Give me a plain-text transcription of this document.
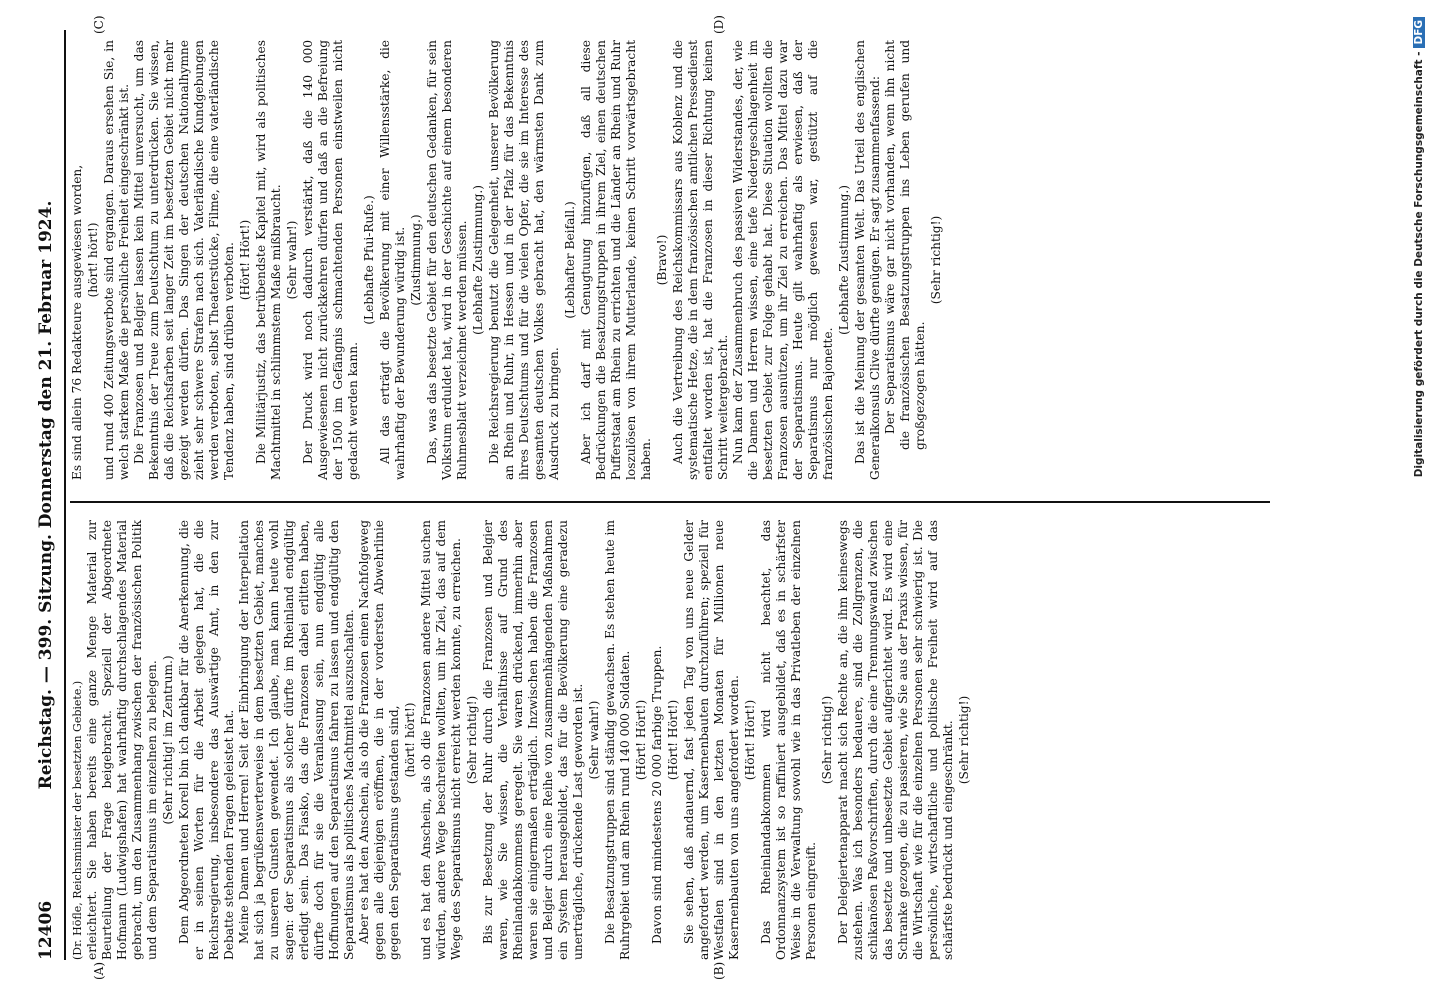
12406
Reichstag. — 399. Sitzung. Donnerstag den 21. Februar 1924.
(A)	(B)
(C)	(D)

(Dr. Höfle, Reichsminister der besetzten Gebiete.) erleichtert. Sie haben bereits eine ganze Menge Material zur Beurteilung der Frage beigebracht. Speziell der Abgeordnete Hofmann (Ludwigshafen) hat wahrhaftig durchschlagendes Material gebracht, um den Zusammenhang zwischen der französischen Politik und dem Separatismus im einzelnen zu belegen. (Sehr richtig! im Zentrum.) Dem Abgeordneten Korell bin ich dankbar für die Anerkennung, die er in seinen Worten für die Arbeit gelegen hat, die die Reichsregierung, insbesondere das Auswärtige Amt, in den zur Debatte stehenden Fragen geleistet hat. Meine Damen und Herren! Seit der Einbringung der Interpellation hat sich ja begrüßenswerterweise in dem besetzten Gebiet, manches zu unseren Gunsten gewendet. Ich glaube, man kann heute wohl sagen: der Separatismus als solcher dürfte im Rheinland endgültig erledigt sein. Das Fiasko, das die Franzosen dabei erlitten haben, dürfte doch für sie die Veranlassung sein, nun endgültig alle Hoffnungen auf den Separatismus fahren zu lassen und endgültig den Separatismus als politisches Machtmittel auszuschalten. Aber es hat den Anschein, als ob die Franzosen einen Nachfolgeweg gegen alle diejenigen eröffnen, die in der vordersten Abwehrlinie gegen den Separatismus gestanden sind, (hört! hört!) und es hat den Anschein, als ob die Franzosen andere Mittel suchen würden, andere Wege beschreiten wollten, um ihr Ziel, das auf dem Wege des Separatismus nicht erreicht werden konnte, zu erreichen. (Sehr richtig!) Bis zur Besetzung der Ruhr durch die Franzosen und Belgier waren, wie Sie wissen, die Verhältnisse auf Grund des Rheinlandabkommens geregelt. Sie waren drückend, immerhin aber waren sie einigermaßen erträglich. Inzwischen haben die Franzosen und Belgier durch eine Reihe von zusammenhängenden Maßnahmen ein System herausgebildet, das für die Bevölkerung eine geradezu unerträgliche, drückende Last geworden ist. (Sehr wahr!) Die Besatzungstruppen sind ständig gewachsen. Es stehen heute im Ruhrgebiet und am Rhein rund 140 000 Soldaten. (Hört! Hört!) Davon sind mindestens 20 000 farbige Truppen. (Hört! Hört!) Sie sehen, daß andauernd, fast jeden Tag von uns neue Gelder angefordert werden, um Kasernenbauten durchzuführen; speziell für Westfalen sind in den letzten Monaten für Millionen neue Kasernenbauten von uns angefordert worden. (Hört! Hört!) Das Rheinlandabkommen wird nicht beachtet, das Ordonnanzsystem ist so raffiniert ausgebildet, daß es in schärfster Weise in die Verwaltung sowohl wie in das Privatleben der einzelnen Personen eingreift.

(Sehr richtig!) Der Delegiertenapparat macht sich Rechte an, die ihm keineswegs zustehen. Was ich besonders bedauere, sind die Zollgrenzen, die schikanösen Paßvorschriften, durch die eine Trennungswand zwischen das besetzte und unbesetzte Gebiet aufgerichtet wird. Es wird eine Schranke gezogen, die zu passieren, wie Sie aus der Praxis wissen, für die Wirtschaft wie für die einzelnen Personen sehr schwierig ist. Die persönliche, wirtschaftliche und politische Freiheit wird auf das schärfste bedrückt und eingeschränkt. (Sehr richtig!)

Es sind allein 76 Redakteure ausgewiesen worden, (hört! hört!) und rund 400 Zeitungsverbote sind ergangen. Daraus ersehen Sie, in welch starkem Maße die persönliche Freiheit eingeschränkt ist. Die Franzosen und Belgier lassen kein Mittel unversucht, um das Bekenntnis der Treue zum Deutschtum zu unterdrücken. Sie wissen, daß die Reichsfarben seit langer Zeit im besetzten Gebiet nicht mehr gezeigt werden dürfen. Das Singen der deutschen Nationalhymne zieht sehr schwere Strafen nach sich. Vaterländische Kundgebungen werden verboten, selbst Theaterstücke, Filme, die eine vaterländische Tendenz haben, sind drüben verboten. (Hört! Hört!) Die Militärjustiz, das betrübendste Kapitel mit, wird als politisches Machtmittel in schlimmstem Maße mißbraucht. (Sehr wahr!) Der Druck wird noch dadurch verstärkt, daß die 140 000 Ausgewiesenen nicht zurückkehren dürfen und daß an die Befreiung der 1500 im Gefängnis schmachtenden Personen einstweilen nicht gedacht werden kann.

(Lebhafte Pfui-Rufe.) All das erträgt die Bevölkerung mit einer Willensstärke, die wahrhaftig der Bewunderung würdig ist. (Zustimmung.) Das, was das besetzte Gebiet für den deutschen Gedanken, für sein Volkstum erduldet hat, wird in der Geschichte auf einem besonderen Ruhmesblatt verzeichnet werden müssen. (Lebhafte Zustimmung.) Die Reichsregierung benutzt die Gelegenheit, unserer Bevölkerung an Rhein und Ruhr, in Hessen und in der Pfalz für das Bekenntnis ihres Deutschtums und für die vielen Opfer, die sie im Interesse des gesamten deutschen Volkes gebracht hat, den wärmsten Dank zum Ausdruck zu bringen.

(Lebhafter Beifall.) Aber ich darf mit Genugtuung hinzufügen, daß all diese Bedrückungen die Besatzungstruppen in ihrem Ziel, einen deutschen Pufferstaat am Rhein zu errichten und die Länder an Rhein und Ruhr loszulösen von ihrem Mutterlande, keinen Schritt vorwärtsgebracht haben.

(Bravo!) Auch die Vertreibung des Reichskommissars aus Koblenz und die systematische Hetze, die in dem französischen amtlichen Pressedienst entfaltet worden ist, hat die Franzosen in dieser Richtung keinen Schritt weitergebracht. Nun kam der Zusammenbruch des passiven Widerstandes, der, wie die Damen und Herren wissen, eine tiefe Niedergeschlagenheit im besetzten Gebiet zur Folge gehabt hat. Diese Situation wollten die Franzosen ausnützen, um ihr Ziel zu erreichen. Das Mittel dazu war der Separatismus. Heute gilt wahrhaftig als erwiesen, daß der Separatismus nur möglich gewesen war, gestützt auf die französischen Bajonette.

(Lebhafte Zustimmung.) Das ist die Meinung der gesamten Welt. Das Urteil des englischen Generalkonsuls Clive dürfte genügen. Er sagt zusammenfassend: Der Separatismus wäre gar nicht vorhanden, wenn ihn nicht die französischen Besatzungstruppen ins Leben gerufen und großgezogen hätten.

(Sehr richtig!)	Digitalisierung gefördert durch die Deutsche Forschungsgemeinschaft -DFG
